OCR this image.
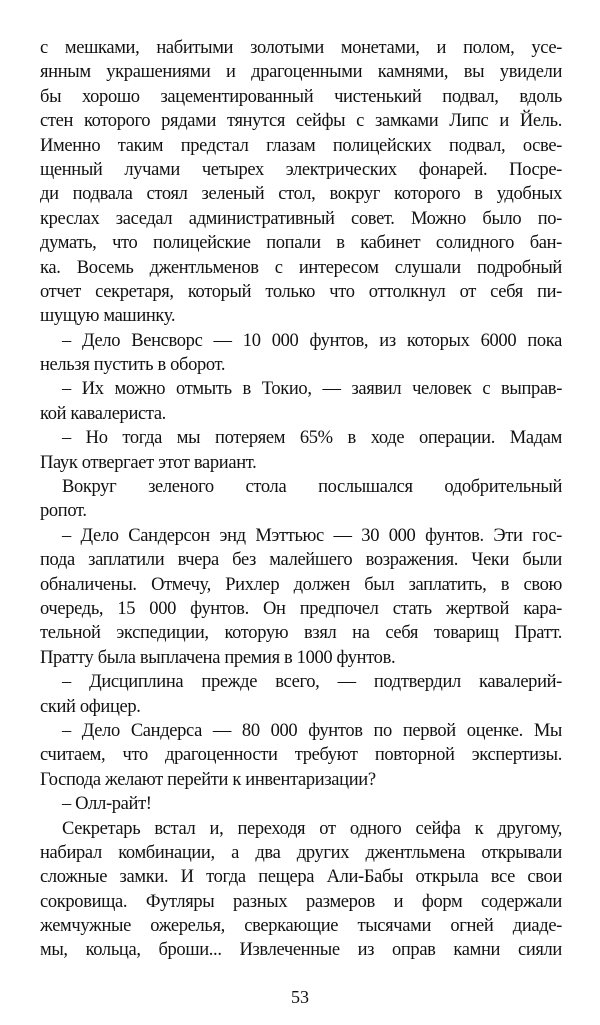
с мешками, набитыми золотыми монетами, и полом, усе-
янным украшениями и драгоценными камнями, вы увидели
бы хорошо зацементированный чистенький подвал, вдоль
стен которого рядами тянутся сейфы с замками Липс и Йель.
Именно таким предстал глазам полицейских подвал, осве-
щенный лучами четырех электрических фонарей. Посре-
ди подвала стоял зеленый стол, вокруг которого в удобных
креслах заседал административный совет. Можно было по-
думать, что полицейские попали в кабинет солидного бан-
ка. Восемь джентльменов с интересом слушали подробный
отчет секретаря, который только что оттолкнул от себя пи-
шущую машинку.
– Дело Венсворс — 10 000 фунтов, из которых 6000 пока
нельзя пустить в оборот.
– Их можно отмыть в Токио, — заявил человек с выправ-
кой кавалериста.
– Но тогда мы потеряем 65% в ходе операции. Мадам
Паук отвергает этот вариант.
Вокруг зеленого стола послышался одобрительный
ропот.
– Дело Сандерсон энд Мэттьюс — 30 000 фунтов. Эти гос-
пода заплатили вчера без малейшего возражения. Чеки были
обналичены. Отмечу, Рихлер должен был заплатить, в свою
очередь, 15 000 фунтов. Он предпочел стать жертвой кара-
тельной экспедиции, которую взял на себя товарищ Пратт.
Пратту была выплачена премия в 1000 фунтов.
– Дисциплина прежде всего, — подтвердил кавалерий-
ский офицер.
– Дело Сандерса — 80 000 фунтов по первой оценке. Мы
считаем, что драгоценности требуют повторной экспертизы.
Господа желают перейти к инвентаризации?
– Олл-райт!
Секретарь встал и, переходя от одного сейфа к другому,
набирал комбинации, а два других джентльмена открывали
сложные замки. И тогда пещера Али-Бабы открыла все свои
сокровища. Футляры разных размеров и форм содержали
жемчужные ожерелья, сверкающие тысячами огней диаде-
мы, кольца, броши... Извлеченные из оправ камни сияли
53
